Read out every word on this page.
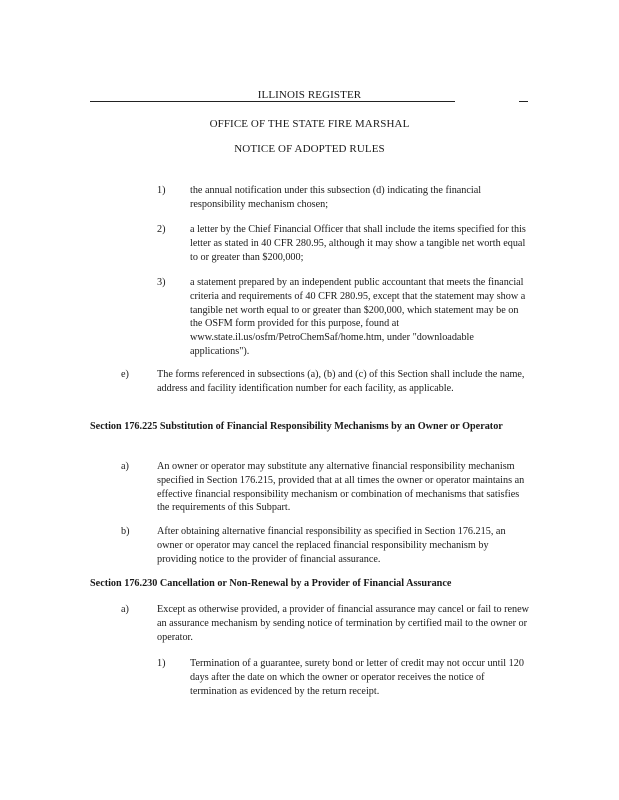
ILLINOIS REGISTER
OFFICE OF THE STATE FIRE MARSHAL
NOTICE OF ADOPTED RULES
1) the annual notification under this subsection (d) indicating the financial responsibility mechanism chosen;
2) a letter by the Chief Financial Officer that shall include the items specified for this letter as stated in 40 CFR 280.95, although it may show a tangible net worth equal to or greater than $200,000;
3) a statement prepared by an independent public accountant that meets the financial criteria and requirements of 40 CFR 280.95, except that the statement may show a tangible net worth equal to or greater than $200,000, which statement may be on the OSFM form provided for this purpose, found at www.state.il.us/osfm/PetroChemSaf/home.htm, under "downloadable applications").
e)	The forms referenced in subsections (a), (b) and (c) of this Section shall include the name, address and facility identification number for each facility, as applicable.
Section 176.225 Substitution of Financial Responsibility Mechanisms by an Owner or Operator
a)	An owner or operator may substitute any alternative financial responsibility mechanism specified in Section 176.215, provided that at all times the owner or operator maintains an effective financial responsibility mechanism or combination of mechanisms that satisfies the requirements of this Subpart.
b)	After obtaining alternative financial responsibility as specified in Section 176.215, an owner or operator may cancel the replaced financial responsibility mechanism by providing notice to the provider of financial assurance.
Section 176.230 Cancellation or Non-Renewal by a Provider of Financial Assurance
a)	Except as otherwise provided, a provider of financial assurance may cancel or fail to renew an assurance mechanism by sending notice of termination by certified mail to the owner or operator.
1) Termination of a guarantee, surety bond or letter of credit may not occur until 120 days after the date on which the owner or operator receives the notice of termination as evidenced by the return receipt.
